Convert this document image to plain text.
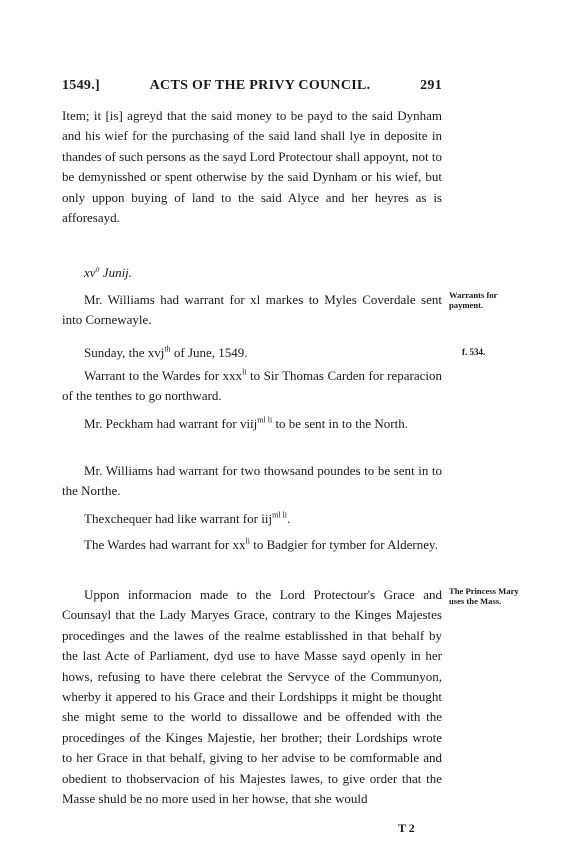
1549.]	ACTS OF THE PRIVY COUNCIL.	291

Item; it [is] agreyd that the said money to be payd to the said Dynham and his wief for the purchasing of the said land shall lye in deposite in thandes of such persons as the sayd Lord Protectour shall appoynt, not to be demynisshed or spent otherwise by the said Dynham or his wief, but only uppon buying of land to the said Alyce and her heyres as is afforesayd.

$xv^o$ Junij.

Mr. Williams had warrant for xl markes to Myles Coverdale sent into Cornewayle.

Warrants for payment.
Sunday, the xvj$^{th}$ of June, 1549.	f. 534.

Warrant to the Wardes for xxx$^{li}$ to Sir Thomas Carden for reparacion of the tenthes to go northward.

Mr. Peckham had warrant for viij$^{ml li}$ to be sent in to the North.

Mr. Williams had warrant for two thowsand poundes to be sent in to the Northe.

Thexchequer had like warrant for iij$^{ml li}$.

The Wardes had warrant for $xx^{li}$ to Badgier for tymber for Alderney.

Uppon informacion made to the Lord Protectour's Grace and Counsayl that the Lady Maryes Grace, contrary to the Kinges Majestes procedinges and the lawes of the realme establisshed in that behalf by the last Acte of Parliament, dyd use to have Masse sayd openly in her hows, refusing to have there celebrat the Servyce of the Communyon, wherby it appered to his Grace and their Lordshipps it might be thought she might seme to the world to dissallowe and be offended with the procedinges of the Kinges Majestie, her brother; their Lordships wrote to her Grace in that behalf, giving to her advise to be comformable and obedient to thobservacion of his Majestes lawes, to give order that the Masse shuld be no more used in her howse, that she would

The Princess Mary uses the Mass.
T 2
